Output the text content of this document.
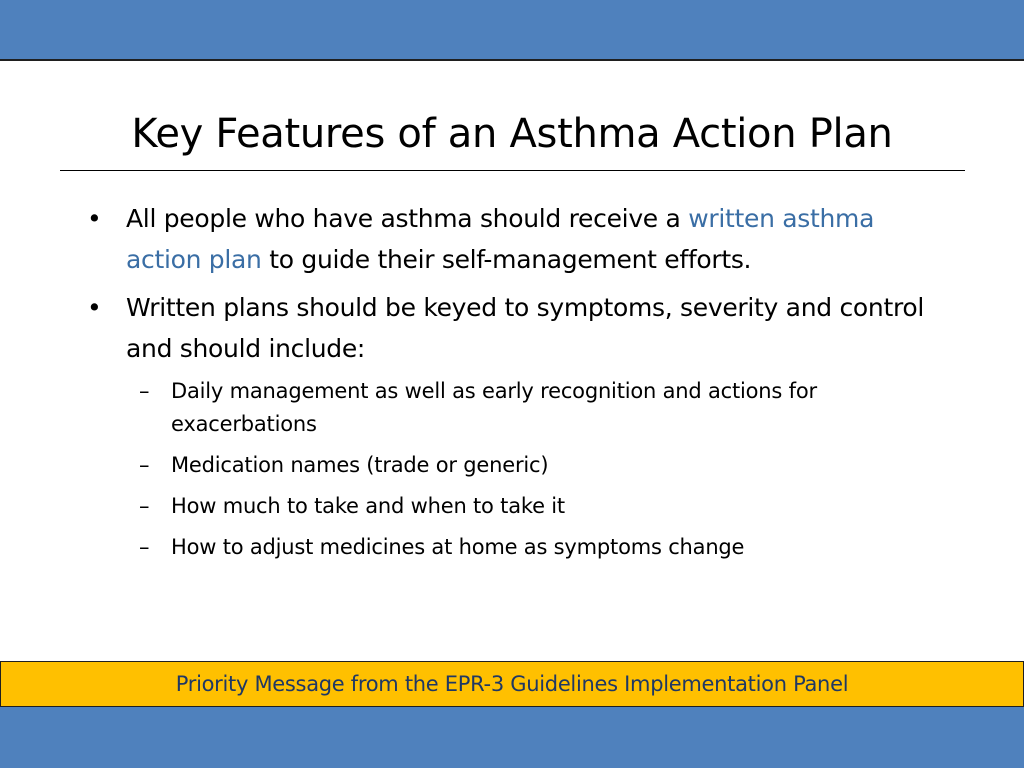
Key Features of an Asthma Action Plan
• All people who have asthma should receive a written asthma action plan to guide their self-management efforts.
• Written plans should be keyed to symptoms, severity and control and should include:
– Daily management as well as early recognition and actions for exacerbations
– Medication names (trade or generic)
– How much to take and when to take it
– How to adjust medicines at home as symptoms change
Priority Message from the EPR-3 Guidelines Implementation Panel
